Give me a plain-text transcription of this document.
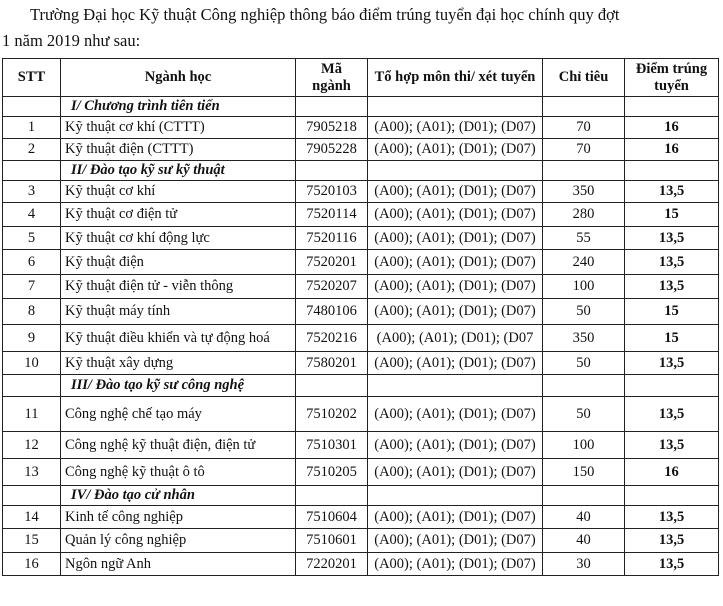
Trường Đại học Kỹ thuật Công nghiệp thông báo điểm trúng tuyển đại học chính quy đợt
1 năm 2019 như sau:
STT	Ngành học	Mã ngành	Tổ hợp môn thi/ xét tuyển	Chỉ tiêu	Điểm trúng tuyển
	I/ Chương trình tiên tiến				
1	Kỹ thuật cơ khí (CTTT)	7905218	(A00); (A01); (D01); (D07)	70	16
2	Kỹ thuật điện (CTTT)	7905228	(A00); (A01); (D01); (D07)	70	16
	II/ Đào tạo kỹ sư kỹ thuật				
3	Kỹ thuật cơ khí	7520103	(A00); (A01); (D01); (D07)	350	13,5
4	Kỹ thuật cơ điện tử	7520114	(A00); (A01); (D01); (D07)	280	15
5	Kỹ thuật cơ khí động lực	7520116	(A00); (A01); (D01); (D07)	55	13,5
6	Kỹ thuật điện	7520201	(A00); (A01); (D01); (D07)	240	13,5
7	Kỹ thuật điện tử - viễn thông	7520207	(A00); (A01); (D01); (D07)	100	13,5
8	Kỹ thuật máy tính	7480106	(A00); (A01); (D01); (D07)	50	15
9	Kỹ thuật điều khiển và tự động hoá	7520216	(A00); (A01); (D01); (D07	350	15
10	Kỹ thuật xây dựng	7580201	(A00); (A01); (D01); (D07)	50	13,5
	III/ Đào tạo kỹ sư công nghệ				
11	Công nghệ chế tạo máy	7510202	(A00); (A01); (D01); (D07)	50	13,5
12	Công nghệ kỹ thuật điện, điện tử	7510301	(A00); (A01); (D01); (D07)	100	13,5
13	Công nghệ kỹ thuật ô tô	7510205	(A00); (A01); (D01); (D07)	150	16
	IV/ Đào tạo cử nhân				
14	Kinh tế công nghiệp	7510604	(A00); (A01); (D01); (D07)	40	13,5
15	Quản lý công nghiệp	7510601	(A00); (A01); (D01); (D07)	40	13,5
16	Ngôn ngữ Anh	7220201	(A00); (A01); (D01); (D07)	30	13,5
